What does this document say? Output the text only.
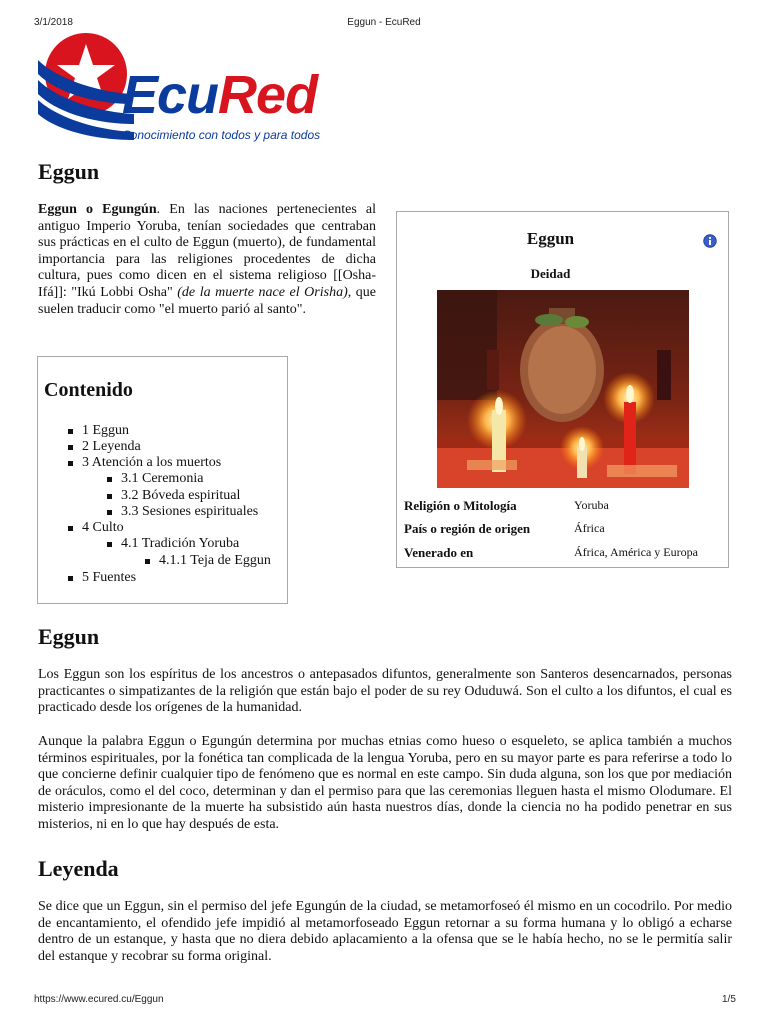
3/1/2018	Eggun - EcuRed
EcuRed
Conocimiento con todos y para todos
Eggun

Eggun o Egungún. En las naciones pertenecientes al antiguo Imperio Yoruba, tenían sociedades que centraban sus prácticas en el culto de Eggun (muerto), de fundamental importancia para las religiones procedentes de dicha cultura, pues como dicen en el sistema religioso [[Osha-Ifá]]: "Ikú Lobbi Osha" (de la muerte nace el Orisha), que suelen traducir como "el muerto parió al santo".

Contenido
1 Eggun
2 Leyenda
3 Atención a los muertos
3.1 Ceremonia
3.2 Bóveda espiritual
3.3 Sesiones espirituales
4 Culto
4.1 Tradición Yoruba
4.1.1 Teja de Eggun
5 Fuentes
Eggun
Deidad
Religión o Mitología	Yoruba
País o región de origen	África
Venerado en	África, América y Europa
Eggun

Los Eggun son los espíritus de los ancestros o antepasados difuntos, generalmente son Santeros desencarnados, personas practicantes o simpatizantes de la religión que están bajo el poder de su rey Oduduwá. Son el culto a los difuntos, el cual es practicado desde los orígenes de la humanidad.

Aunque la palabra Eggun o Egungún determina por muchas etnias como hueso o esqueleto, se aplica también a muchos términos espirituales, por la fonética tan complicada de la lengua Yoruba, pero en su mayor parte es para referirse a todo lo que concierne definir cualquier tipo de fenómeno que es normal en este campo. Sin duda alguna, son los que por mediación de oráculos, como el del coco, determinan y dan el permiso para que las ceremonias lleguen hasta el mismo Olodumare. El misterio impresionante de la muerte ha subsistido aún hasta nuestros días, donde la ciencia no ha podido penetrar en sus misterios, ni en lo que hay después de esta.

Leyenda

Se dice que un Eggun, sin el permiso del jefe Egungún de la ciudad, se metamorfoseó él mismo en un cocodrilo. Por medio de encantamiento, el ofendido jefe impidió al metamorfoseado Eggun retornar a su forma humana y lo obligó a echarse dentro de un estanque, y hasta que no diera debido aplacamiento a la ofensa que se le había hecho, no se le permitía salir del estanque y recobrar su forma original.

https://www.ecured.cu/Eggun	1/5
